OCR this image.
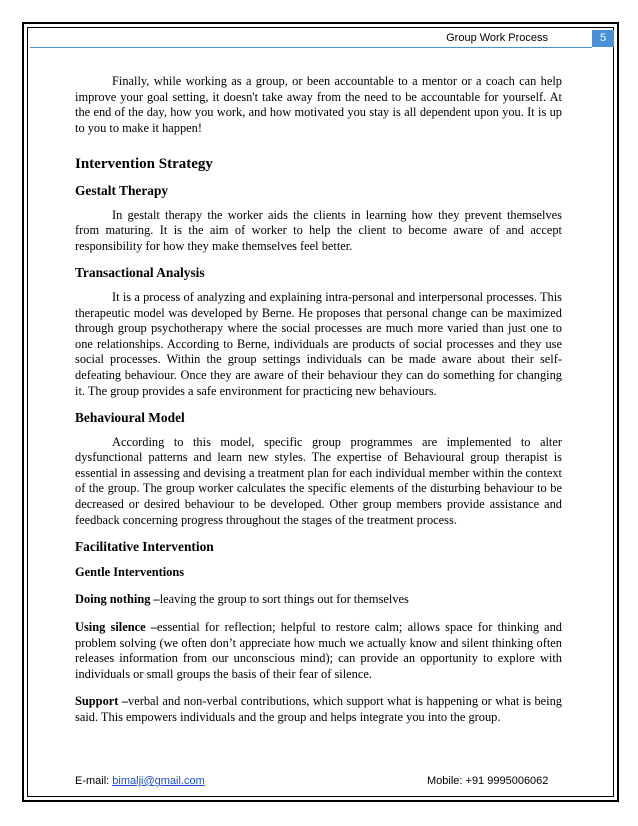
Group Work Process	5

Finally, while working as a group, or been accountable to a mentor or a coach can help improve your goal setting, it doesn't take away from the need to be accountable for yourself. At the end of the day, how you work, and how motivated you stay is all dependent upon you. It is up to you to make it happen!

Intervention Strategy
Gestalt Therapy

In gestalt therapy the worker aids the clients in learning how they prevent themselves from maturing. It is the aim of worker to help the client to become aware of and accept responsibility for how they make themselves feel better.

Transactional Analysis

It is a process of analyzing and explaining intra-personal and interpersonal processes. This therapeutic model was developed by Berne. He proposes that personal change can be maximized through group psychotherapy where the social processes are much more varied than just one to one relationships. According to Berne, individuals are products of social processes and they use social processes. Within the group settings individuals can be made aware about their self-defeating behaviour. Once they are aware of their behaviour they can do something for changing it. The group provides a safe environment for practicing new behaviours.

Behavioural Model

According to this model, specific group programmes are implemented to alter dysfunctional patterns and learn new styles. The expertise of Behavioural group therapist is essential in assessing and devising a treatment plan for each individual member within the context of the group. The group worker calculates the specific elements of the disturbing behaviour to be decreased or desired behaviour to be developed. Other group members provide assistance and feedback concerning progress throughout the stages of the treatment process.

Facilitative Intervention
Gentle Interventions

Doing nothing –leaving the group to sort things out for themselves

Using silence –essential for reflection; helpful to restore calm; allows space for thinking and problem solving (we often don’t appreciate how much we actually know and silent thinking often releases information from our unconscious mind); can provide an opportunity to explore with individuals or small groups the basis of their fear of silence.

Support –verbal and non-verbal contributions, which support what is happening or what is being said. This empowers individuals and the group and helps integrate you into the group.

E-mail: bimalji@gmail.com	Mobile: +91 9995006062
